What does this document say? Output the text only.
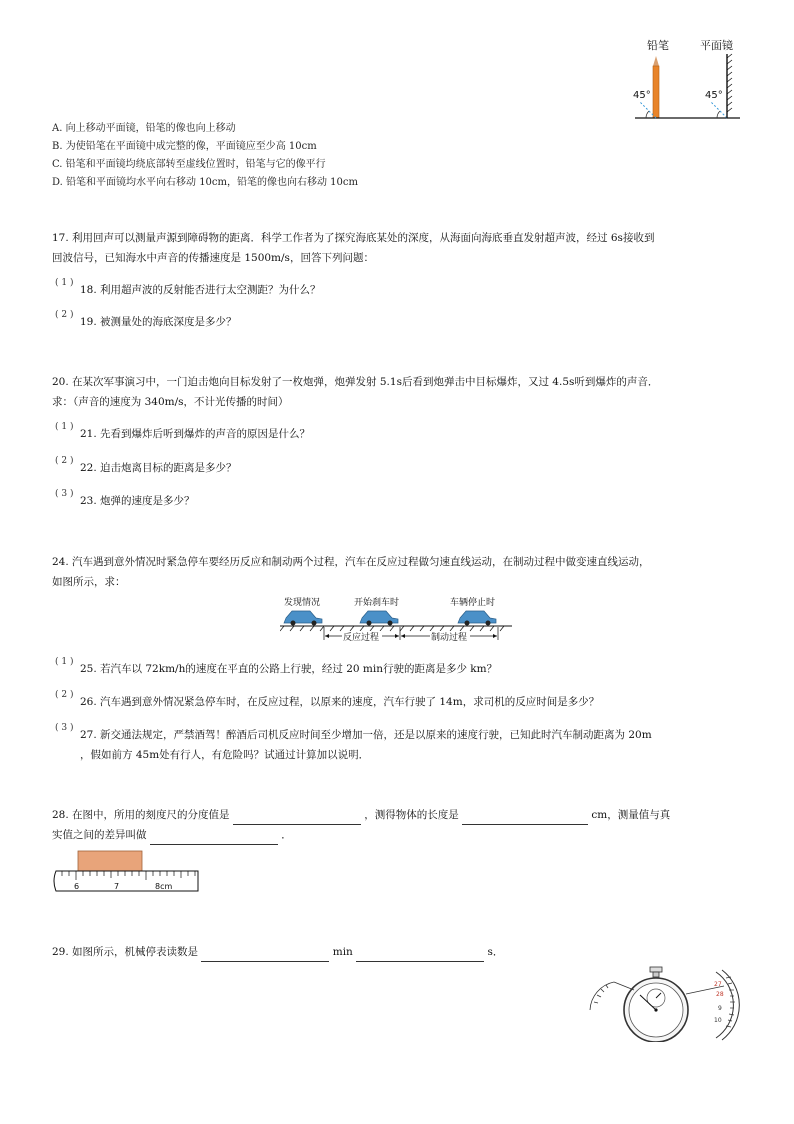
铅笔	平面镜
45°	45°
A. 向上移动平面镜，铅笔的像也向上移动
B. 为使铅笔在平面镜中成完整的像，平面镜应至少高 10cm
C. 铅笔和平面镜均绕底部转至虚线位置时，铅笔与它的像平行
D. 铅笔和平面镜均水平向右移动 10cm，铅笔的像也向右移动 10cm
17. 利用回声可以测量声源到障碍物的距离．科学工作者为了探究海底某处的深度，从海面向海底垂直发射超声波，经过 6s接收到
回波信号，已知海水中声音的传播速度是 1500m/s，回答下列问题：
( 1 )
18. 利用超声波的反射能否进行太空测距？为什么？
( 2 )
19. 被测量处的海底深度是多少？
20. 在某次军事演习中，一门迫击炮向目标发射了一枚炮弹，炮弹发射 5.1s后看到炮弹击中目标爆炸，又过 4.5s听到爆炸的声音．
求：（声音的速度为 340m/s，不计光传播的时间）
( 1 )
21. 先看到爆炸后听到爆炸的声音的原因是什么？
( 2 )
22. 迫击炮离目标的距离是多少？
( 3 )
23. 炮弹的速度是多少？
24. 汽车遇到意外情况时紧急停车要经历反应和制动两个过程，汽车在反应过程做匀速直线运动，在制动过程中做变速直线运动，
如图所示，求：
发现情况	开始刹车时	车辆停止时
反应过程	制动过程
( 1 )
25. 若汽车以 72km/h的速度在平直的公路上行驶，经过 20 min行驶的距离是多少 km？
( 2 )
26. 汽车遇到意外情况紧急停车时，在反应过程，以原来的速度，汽车行驶了 14m，求司机的反应时间是多少？
( 3 )
27. 新交通法规定，严禁酒驾！醉酒后司机反应时间至少增加一倍，还是以原来的速度行驶，已知此时汽车制动距离为 20m
，假如前方 45m处有行人，有危险吗？试通过计算加以说明．
28. 在图中，所用的刻度尺的分度值是	，测得物体的长度是	cm，测量值与真
实值之间的差异叫做	．
6	7	8cm
29. 如图所示，机械停表读数是	min	s．
27
28
9
10
